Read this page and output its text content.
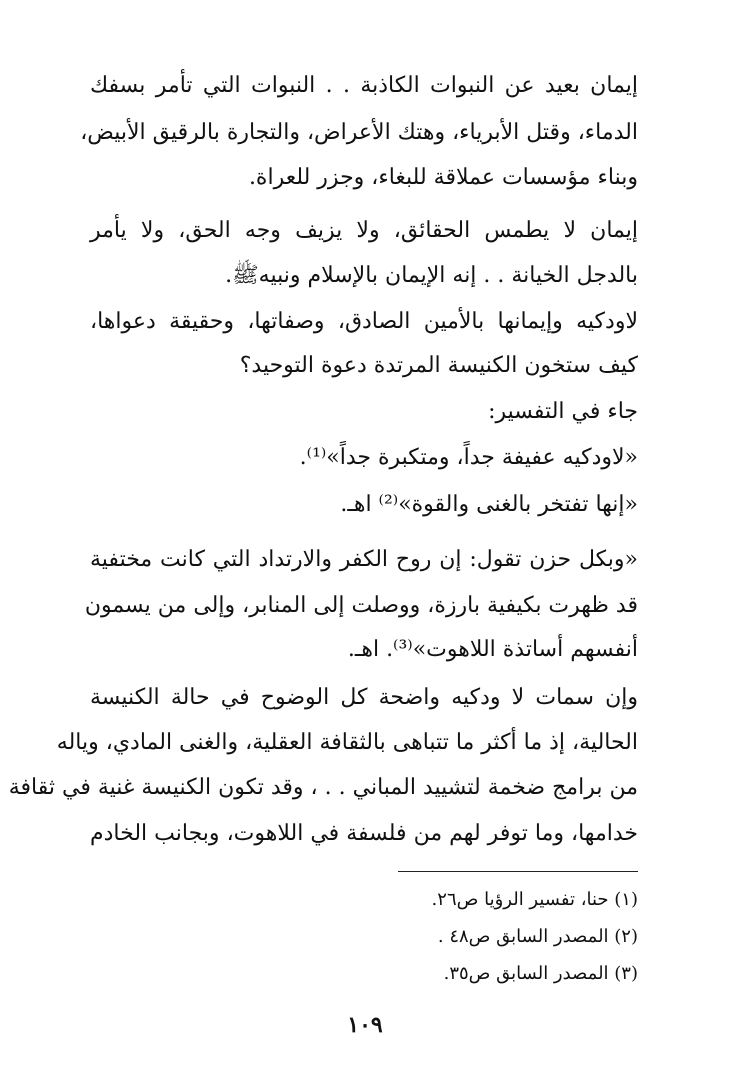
إيمان بعيد عن النبوات الكاذبة . . النبوات التي تأمر بسفك
الدماء، وقتل الأبرياء، وهتك الأعراض، والتجارة بالرقيق الأبيض،
وبناء مؤسسات عملاقة للبغاء، وجزر للعراة.
إيمان لا يطمس الحقائق، ولا يزيف وجه الحق، ولا يأمر
بالدجل الخيانة . . إنه الإيمان بالإسلام ونبيهﷺ.
لاودكيه وإيمانها بالأمين الصادق، وصفاتها، وحقيقة دعواها،
كيف ستخون الكنيسة المرتدة دعوة التوحيد؟
جاء في التفسير:
«لاودكيه عفيفة جداً، ومتكبرة جداً»⁽¹⁾.
«إنها تفتخر بالغنى والقوة»⁽²⁾ اهـ.
«وبكل حزن تقول: إن روح الكفر والارتداد التي كانت مختفية
قد ظهرت بكيفية بارزة، ووصلت إلى المنابر، وإلى من يسمون
أنفسهم أساتذة اللاهوت»⁽³⁾. اهـ.
وإن سمات لا ودكيه واضحة كل الوضوح في حالة الكنيسة
الحالية، إذ ما أكثر ما تتباهى بالثقافة العقلية، والغنى المادي، وياله
من برامج ضخمة لتشييد المباني . . ، وقد تكون الكنيسة غنية في ثقافة
خدامها، وما توفر لهم من فلسفة في اللاهوت، وبجانب الخادم
(١) حنا، تفسير الرؤيا ص٢٦.
(٢) المصدر السابق ص٤٨ .
(٣) المصدر السابق ص٣٥.
١٠٩
